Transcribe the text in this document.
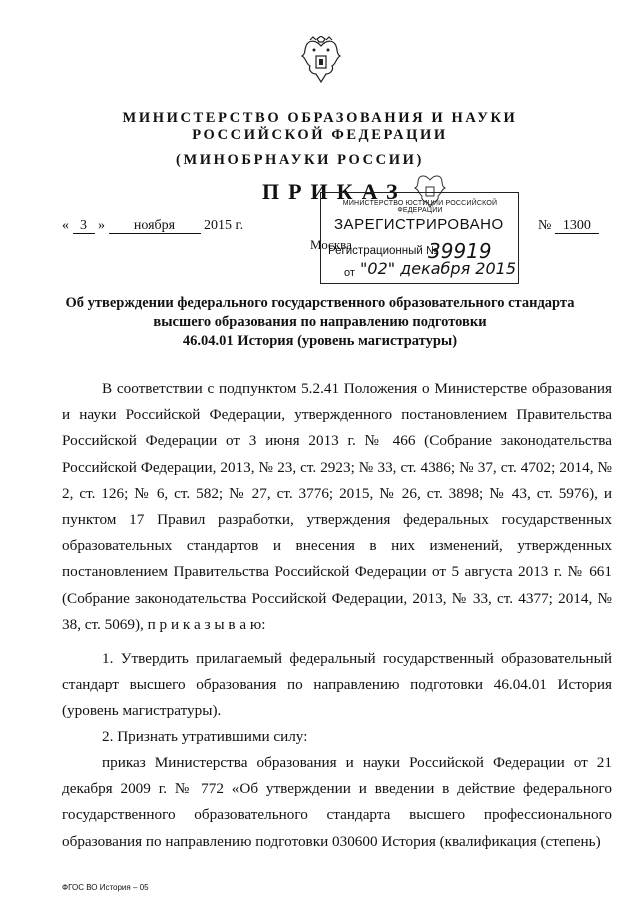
МИНИСТЕРСТВО ОБРАЗОВАНИЯ И НАУКИ
РОССИЙСКОЙ ФЕДЕРАЦИИ
(МИНОБРНАУКИ РОССИИ)
ПРИКАЗ
« 3 » ноября 2015 г.	№ 1300
Москва
МИНИСТЕРСТВО ЮСТИЦИИ РОССИЙСКОЙ ФЕДЕРАЦИИ
ЗАРЕГИСТРИРОВАНО
Регистрационный №
39919
от "02" декабря 2015
Об утверждении федерального государственного образовательного стандарта
высшего образования по направлению подготовки
46.04.01 История (уровень магистратуры)
В соответствии с подпунктом 5.2.41 Положения о Министерстве образования и науки Российской Федерации, утвержденного постановлением Правительства Российской Федерации от 3 июня 2013 г. № 466 (Собрание законодательства Российской Федерации, 2013, № 23, ст. 2923; № 33, ст. 4386; № 37, ст. 4702; 2014, № 2, ст. 126; № 6, ст. 582; № 27, ст. 3776; 2015, № 26, ст. 3898; № 43, ст. 5976), и пунктом 17 Правил разработки, утверждения федеральных государственных образовательных стандартов и внесения в них изменений, утвержденных постановлением Правительства Российской Федерации от 5 августа 2013 г. № 661 (Собрание законодательства Российской Федерации, 2013, № 33, ст. 4377; 2014, № 38, ст. 5069), п р и к а з ы в а ю:
1. Утвердить прилагаемый федеральный государственный образовательный стандарт высшего образования по направлению подготовки 46.04.01 История (уровень магистратуры).
2. Признать утратившими силу:
приказ Министерства образования и науки Российской Федерации от 21 декабря 2009 г. № 772 «Об утверждении и введении в действие федерального государственного образовательного стандарта высшего профессионального образования по направлению подготовки 030600 История (квалификация (степень)
ФГОС ВО История – 05
